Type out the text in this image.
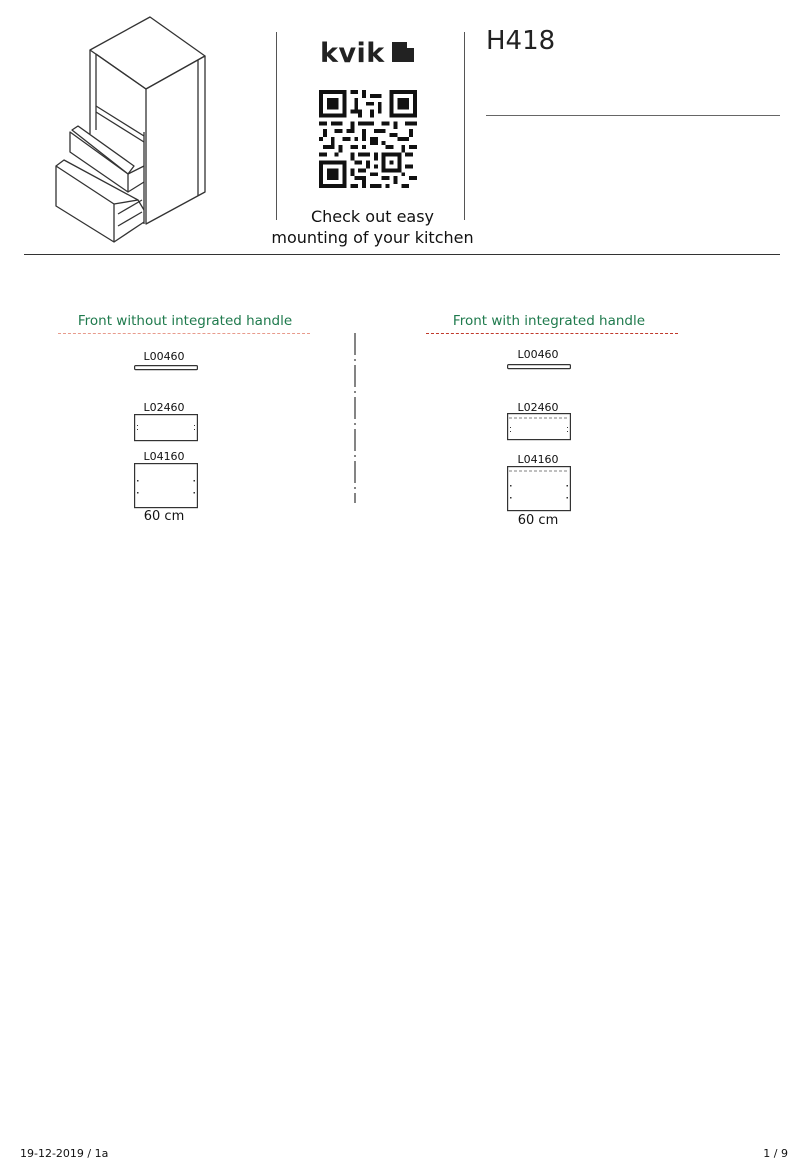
kvik
Check out easy
mounting of your kitchen
H418
Front without integrated handle
L00460
L02460
L04160
60 cm
Front with integrated handle
L00460
L02460
L04160
60 cm
19-12-2019 / 1a	1 / 9
